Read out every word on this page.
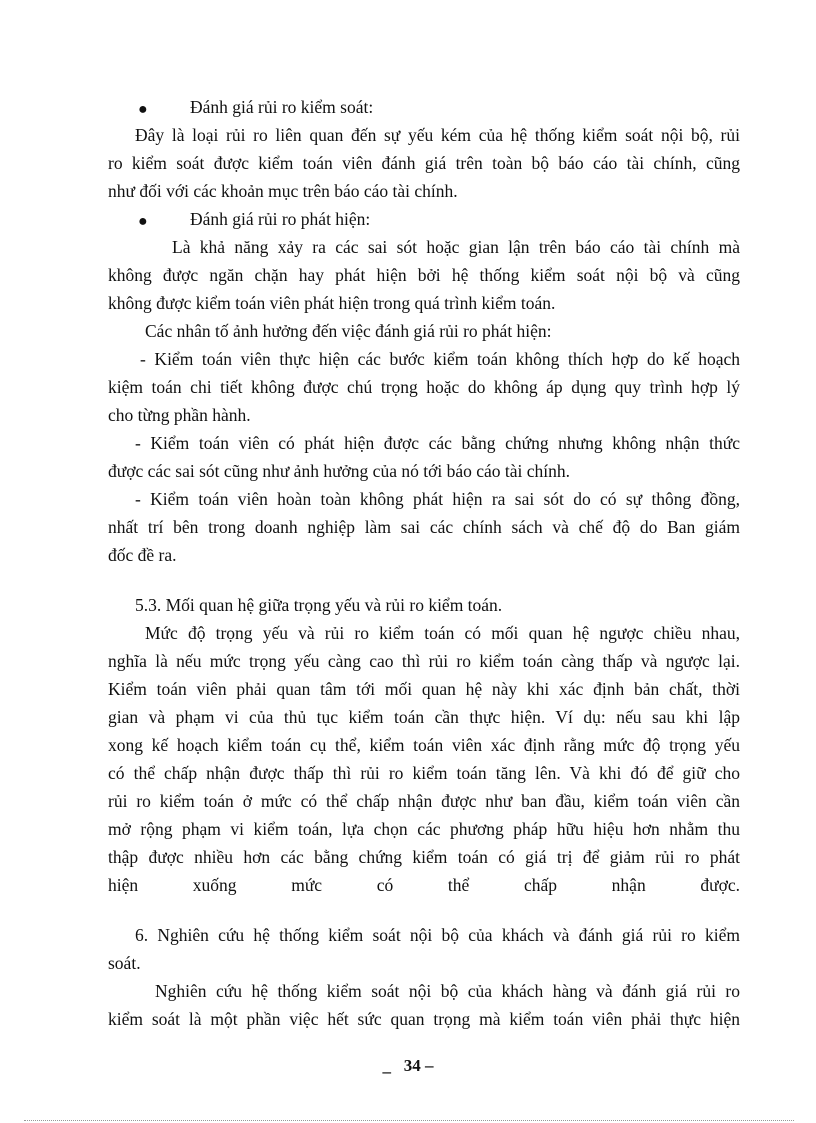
● Đánh giá rủi ro kiểm soát:
Đây là loại rủi ro liên quan đến sự yếu kém của hệ thống kiểm soát nội bộ, rủi
ro kiểm soát được kiểm toán viên đánh giá trên toàn bộ báo cáo tài chính, cũng
như đối với các khoản mục trên báo cáo tài chính.
● Đánh giá rủi ro phát hiện:
Là khả năng xảy ra các sai sót hoặc gian lận trên báo cáo tài chính mà
không được ngăn chặn hay phát hiện bởi hệ thống kiểm soát nội bộ và cũng
không được kiểm toán viên phát hiện trong quá trình kiểm toán.
Các nhân tố ảnh hưởng đến việc đánh giá rủi ro phát hiện:
- Kiểm toán viên thực hiện các bước kiểm toán không thích hợp do kế hoạch
kiệm toán chi tiết không được chú trọng hoặc do không áp dụng quy trình hợp lý
cho từng phần hành.
- Kiểm toán viên có phát hiện được các bằng chứng nhưng không nhận thức
được các sai sót cũng như ảnh hưởng của nó tới báo cáo tài chính.
- Kiểm toán viên hoàn toàn không phát hiện ra sai sót do có sự thông đồng,
nhất trí bên trong doanh nghiệp làm sai các chính sách và chế độ do Ban giám
đốc đề ra.
5.3. Mối quan hệ giữa trọng yếu và rủi ro kiểm toán.
Mức độ trọng yếu và rủi ro kiểm toán có mối quan hệ ngược chiều nhau,
nghĩa là nếu mức trọng yếu càng cao thì rủi ro kiểm toán càng thấp và ngược lại.
Kiểm toán viên phải quan tâm tới mối quan hệ này khi xác định bản chất, thời
gian và phạm vi của thủ tục kiểm toán cần thực hiện. Ví dụ: nếu sau khi lập
xong kế hoạch kiểm toán cụ thể, kiểm toán viên xác định rằng mức độ trọng yếu
có thể chấp nhận được thấp thì rủi ro kiểm toán tăng lên. Và khi đó để giữ cho
rủi ro kiểm toán ở mức có thể chấp nhận được như ban đầu, kiểm toán viên cần
mở rộng phạm vi kiểm toán, lựa chọn các phương pháp hữu hiệu hơn nhằm thu
thập được nhiều hơn các bằng chứng kiểm toán có giá trị để giảm rủi ro phát
hiện xuống mức có thể chấp nhận được.
6. Nghiên cứu hệ thống kiểm soát nội bộ của khách và đánh giá rủi ro kiểm
soát.
Nghiên cứu hệ thống kiểm soát nội bộ của khách hàng và đánh giá rủi ro
kiểm soát là một phần việc hết sức quan trọng mà kiểm toán viên phải thực hiện
_ 34 –
